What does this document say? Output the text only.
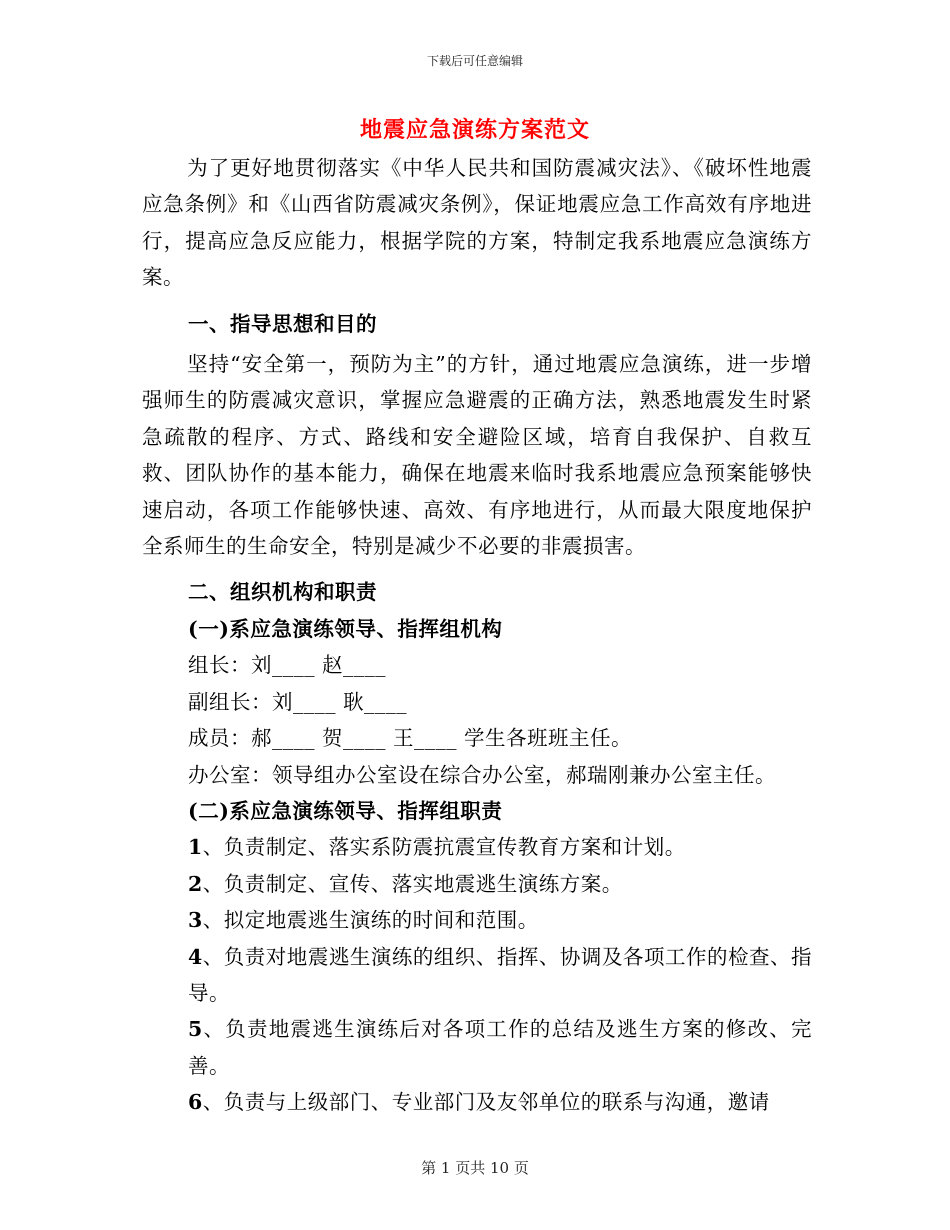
下载后可任意编辑
地震应急演练方案范文

为了更好地贯彻落实《中华人民共和国防震减灾法》、《破坏性地震应急条例》和《山西省防震减灾条例》，保证地震应急工作高效有序地进行，提高应急反应能力，根据学院的方案，特制定我系地震应急演练方案。

一、指导思想和目的

坚持“安全第一，预防为主”的方针，通过地震应急演练，进一步增强师生的防震减灾意识，掌握应急避震的正确方法，熟悉地震发生时紧急疏散的程序、方式、路线和安全避险区域，培育自我保护、自救互救、团队协作的基本能力，确保在地震来临时我系地震应急预案能够快速启动，各项工作能够快速、高效、有序地进行，从而最大限度地保护全系师生的生命安全，特别是减少不必要的非震损害。

二、组织机构和职责

(一)系应急演练领导、指挥组机构

组长：刘____ 赵____

副组长：刘____ 耿____

成员：郝____ 贺____ 王____ 学生各班班主任。

办公室：领导组办公室设在综合办公室，郝瑞刚兼办公室主任。

(二)系应急演练领导、指挥组职责

1、负责制定、落实系防震抗震宣传教育方案和计划。

2、负责制定、宣传、落实地震逃生演练方案。

3、拟定地震逃生演练的时间和范围。

4、负责对地震逃生演练的组织、指挥、协调及各项工作的检查、指导。

5、负责地震逃生演练后对各项工作的总结及逃生方案的修改、完善。

6、负责与上级部门、专业部门及友邻单位的联系与沟通，邀请

第 1 页共 10 页
